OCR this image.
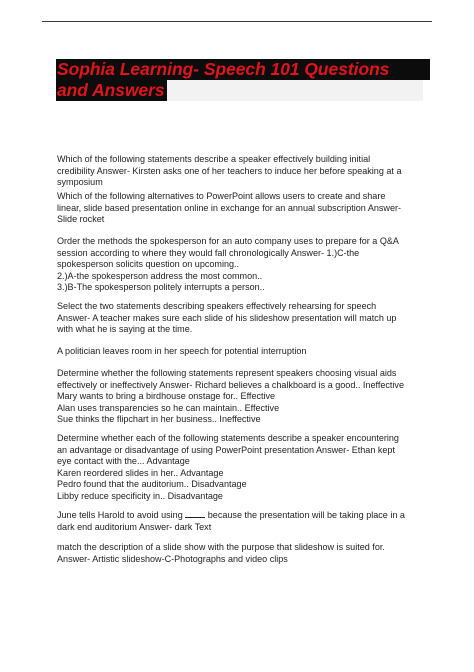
Sophia Learning- Speech 101 Questions
and Answers
Which of the following statements describe a speaker effectively building initial
credibility Answer- Kirsten asks one of her teachers to induce her before speaking at a
symposium
Which of the following alternatives to PowerPoint allows users to create and share
linear, slide based presentation online in exchange for an annual subscription Answer-
Slide rocket
Order the methods the spokesperson for an auto company uses to prepare for a Q&A
session according to where they would fall chronologically Answer- 1.)C-the
spokesperson solicits question on upcoming..
2.)A-the spokesperson address the most common..
3.)B-The spokesperson politely interrupts a person..
Select the two statements describing speakers effectively rehearsing for speech
Answer- A teacher makes sure each slide of his slideshow presentation will match up
with what he is saying at the time.
A politician leaves room in her speech for potential interruption
Determine whether the following statements represent speakers choosing visual aids
effectively or ineffectively Answer- Richard believes a chalkboard is a good.. Ineffective
Mary wants to bring a birdhouse onstage for.. Effective
Alan uses transparencies so he can maintain.. Effective
Sue thinks the flipchart in her business.. Ineffective
Determine whether each of the following statements describe a speaker encountering
an advantage or disadvantage of using PowerPoint presentation Answer- Ethan kept
eye contact with the... Advantage
Karen reordered slides in her.. Advantage
Pedro found that the auditorium.. Disadvantage
Libby reduce specificity in.. Disadvantage
June tells Harold to avoid using	because the presentation will be taking place in a
dark end auditorium Answer- dark Text
match the description of a slide show with the purpose that slideshow is suited for.
Answer- Artistic slideshow-C-Photographs and video clips
